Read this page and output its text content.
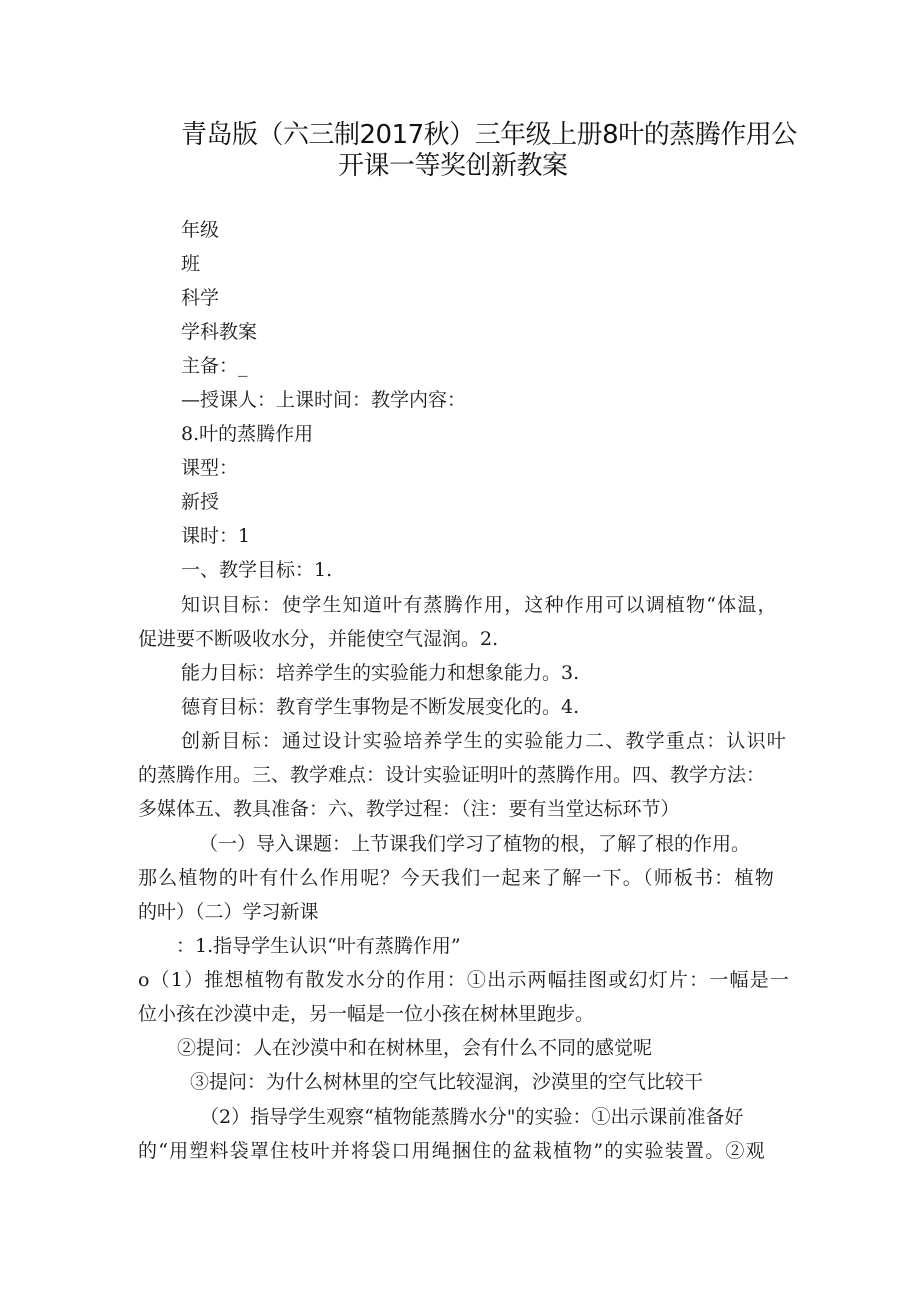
青岛版（六三制2017秋）三年级上册8叶的蒸腾作用公
开课一等奖创新教案
年级
班
科学
学科教案
主备：_
—授课人：上课时间：教学内容：
8.叶的蒸腾作用
课型：
新授
课时：1
一、教学目标：1.
知识目标：使学生知道叶有蒸腾作用，这种作用可以调植物“体温，
促进要不断吸收水分，并能使空气湿润。2.
能力目标：培养学生的实验能力和想象能力。3.
德育目标：教育学生事物是不断发展变化的。4.
创新目标：通过设计实验培养学生的实验能力二、教学重点：认识叶
的蒸腾作用。三、教学难点：设计实验证明叶的蒸腾作用。四、教学方法：
多媒体五、教具准备：六、教学过程：（注：要有当堂达标环节）
（一）导入课题：上节课我们学习了植物的根，了解了根的作用。
那么植物的叶有什么作用呢？今天我们一起来了解一下。（师板书：植物
的叶）（二）学习新课
：1.指导学生认识“叶有蒸腾作用”
o（1）推想植物有散发水分的作用：①出示两幅挂图或幻灯片：一幅是一
位小孩在沙漠中走，另一幅是一位小孩在树林里跑步。
②提问：人在沙漠中和在树林里，会有什么不同的感觉呢
③提问：为什么树林里的空气比较湿润，沙漠里的空气比较干
（2）指导学生观察“植物能蒸腾水分"的实验：①出示课前准备好
的“用塑料袋罩住枝叶并将袋口用绳捆住的盆栽植物”的实验装置。②观
